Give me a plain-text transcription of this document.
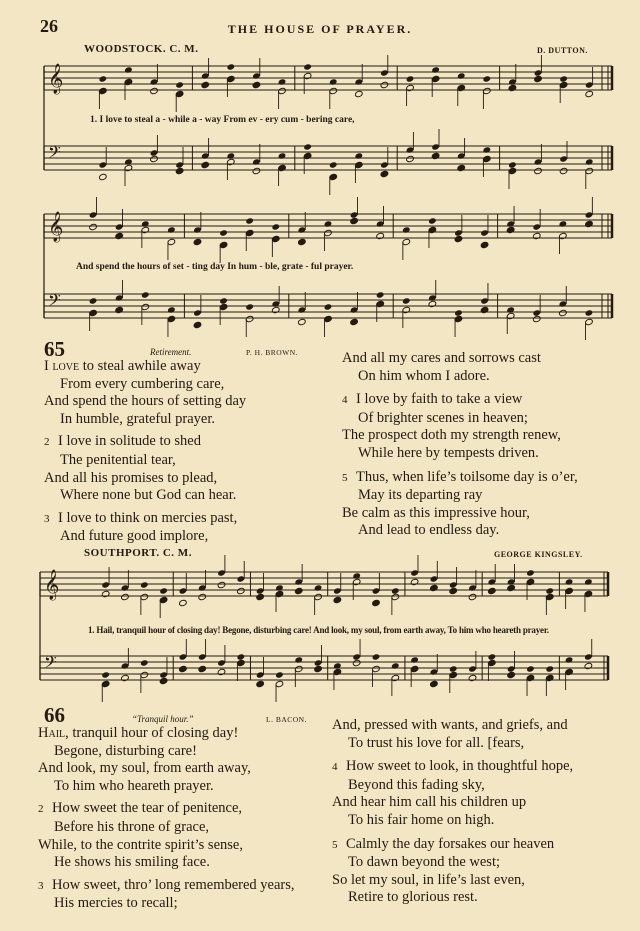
26	THE HOUSE OF PRAYER.
𝄞
𝄢
𝄞
𝄢
𝄞
𝄢
WOODSTOCK. C. M.	D. DUTTON.
1. I love to steal a - while a - way From ev - ery cum - bering care,
And spend the hours of set - ting day In hum - ble, grate - ful prayer.
65	Retirement.	P. H. BROWN.

I love to steal awhile away

From every cumbering care,

And spend the hours of setting day

In humble, grateful prayer.

2 I love in solitude to shed

The penitential tear,

And all his promises to plead,

Where none but God can hear.

3 I love to think on mercies past,

And future good implore,

And all my cares and sorrows cast

On him whom I adore.

4 I love by faith to take a view

Of brighter scenes in heaven;

The prospect doth my strength renew,

While here by tempests driven.

5 Thus, when life’s toilsome day is o’er,

May its departing ray

Be calm as this impressive hour,

And lead to endless day.

SOUTHPORT. C. M.	GEORGE KINGSLEY.
1. Hail, tranquil hour of closing day! Begone, disturbing care! And look, my soul, from earth away, To him who heareth prayer.
66	“Tranquil hour.”	L. BACON.

Hail, tranquil hour of closing day!

Begone, disturbing care!

And look, my soul, from earth away,

To him who heareth prayer.

2 How sweet the tear of penitence,

Before his throne of grace,

While, to the contrite spirit’s sense,

He shows his smiling face.

3 How sweet, thro’ long remembered years,

His mercies to recall;

And, pressed with wants, and griefs, and

To trust his love for all. [fears,

4 How sweet to look, in thoughtful hope,

Beyond this fading sky,

And hear him call his children up

To his fair home on high.

5 Calmly the day forsakes our heaven

To dawn beyond the west;

So let my soul, in life’s last even,

Retire to glorious rest.
